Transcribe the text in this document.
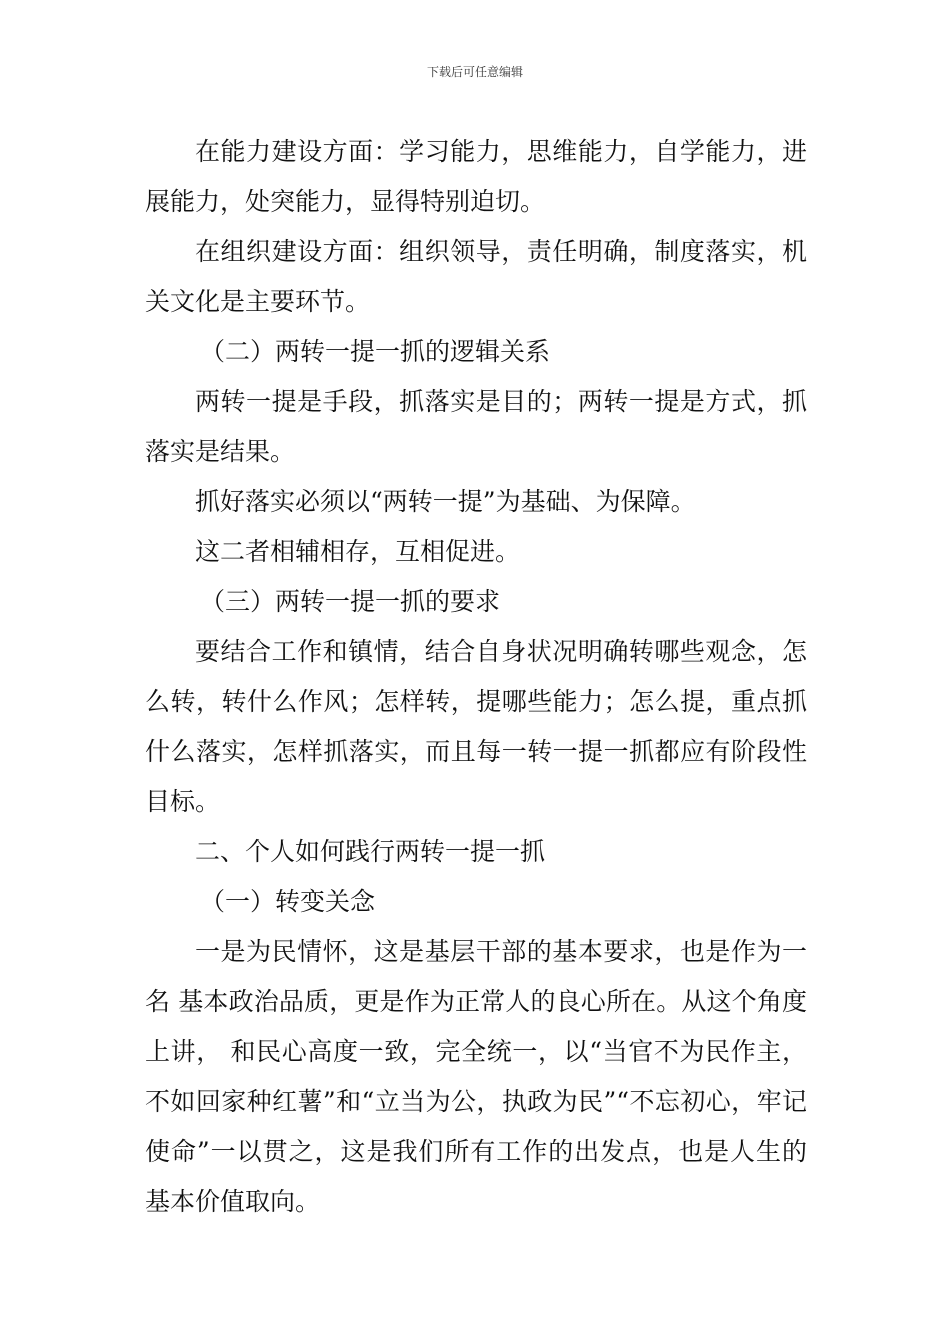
下载后可任意编辑

在能力建设方面：学习能力，思维能力，自学能力，进展能力，处突能力，显得特别迫切。

在组织建设方面：组织领导，责任明确，制度落实，机关文化是主要环节。

（二）两转一提一抓的逻辑关系

两转一提是手段，抓落实是目的；两转一提是方式，抓落实是结果。

抓好落实必须以“两转一提”为基础、为保障。

这二者相辅相存，互相促进。

（三）两转一提一抓的要求

要结合工作和镇情，结合自身状况明确转哪些观念，怎么转，转什么作风；怎样转，提哪些能力；怎么提，重点抓什么落实，怎样抓落实，而且每一转一提一抓都应有阶段性目标。

二、个人如何践行两转一提一抓

（一）转变关念

一是为民情怀，这是基层干部的基本要求，也是作为一名 基本政治品质，更是作为正常人的良心所在。从这个角度上讲， 和民心高度一致，完全统一，以“当官不为民作主，不如回家种红薯”和“立当为公，执政为民”“不忘初心，牢记使命”一以贯之，这是我们所有工作的出发点，也是人生的基本价值取向。
